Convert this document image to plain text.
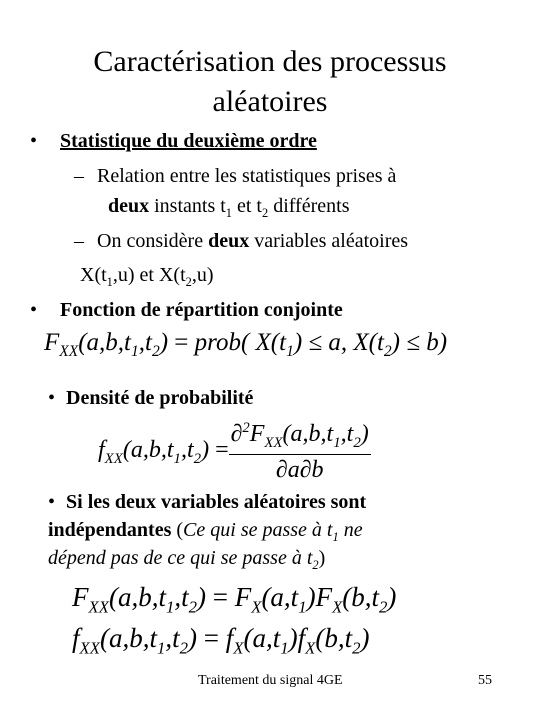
Caractérisation des processus
aléatoires
• Statistique du deuxième ordre
– Relation entre les statistiques prises à
deux instants $t_1$ et $t_2$ différents
– On considère deux variables aléatoires
$X(t_1,u)$ et $X(t_2,u)$
• Fonction de répartition conjointe
$F_{XX}(a,b,t_1,t_2)$ = prob( $X(t_1) \le a$, $X(t_2) \le b$)
• Densité de probabilité
$f_{XX}(a,b,t_1,t_2) = \frac{\partial^2F_{XX}(a,b,t_1,t_2)}{\partial a\partial b}$
• Si les deux variables aléatoires sont
indépendantes (Ce qui se passe à $t_1$ ne
dépend pas de ce qui se passe à $t_2$)
$F_{XX}(a,b,t_1,t_2) = F_X(a,t_1)F_X(b,t_2)$
$f_{XX}(a,b,t_1,t_2) = f_X(a,t_1)f_X(b,t_2)$
Traitement du signal 4GE	55
